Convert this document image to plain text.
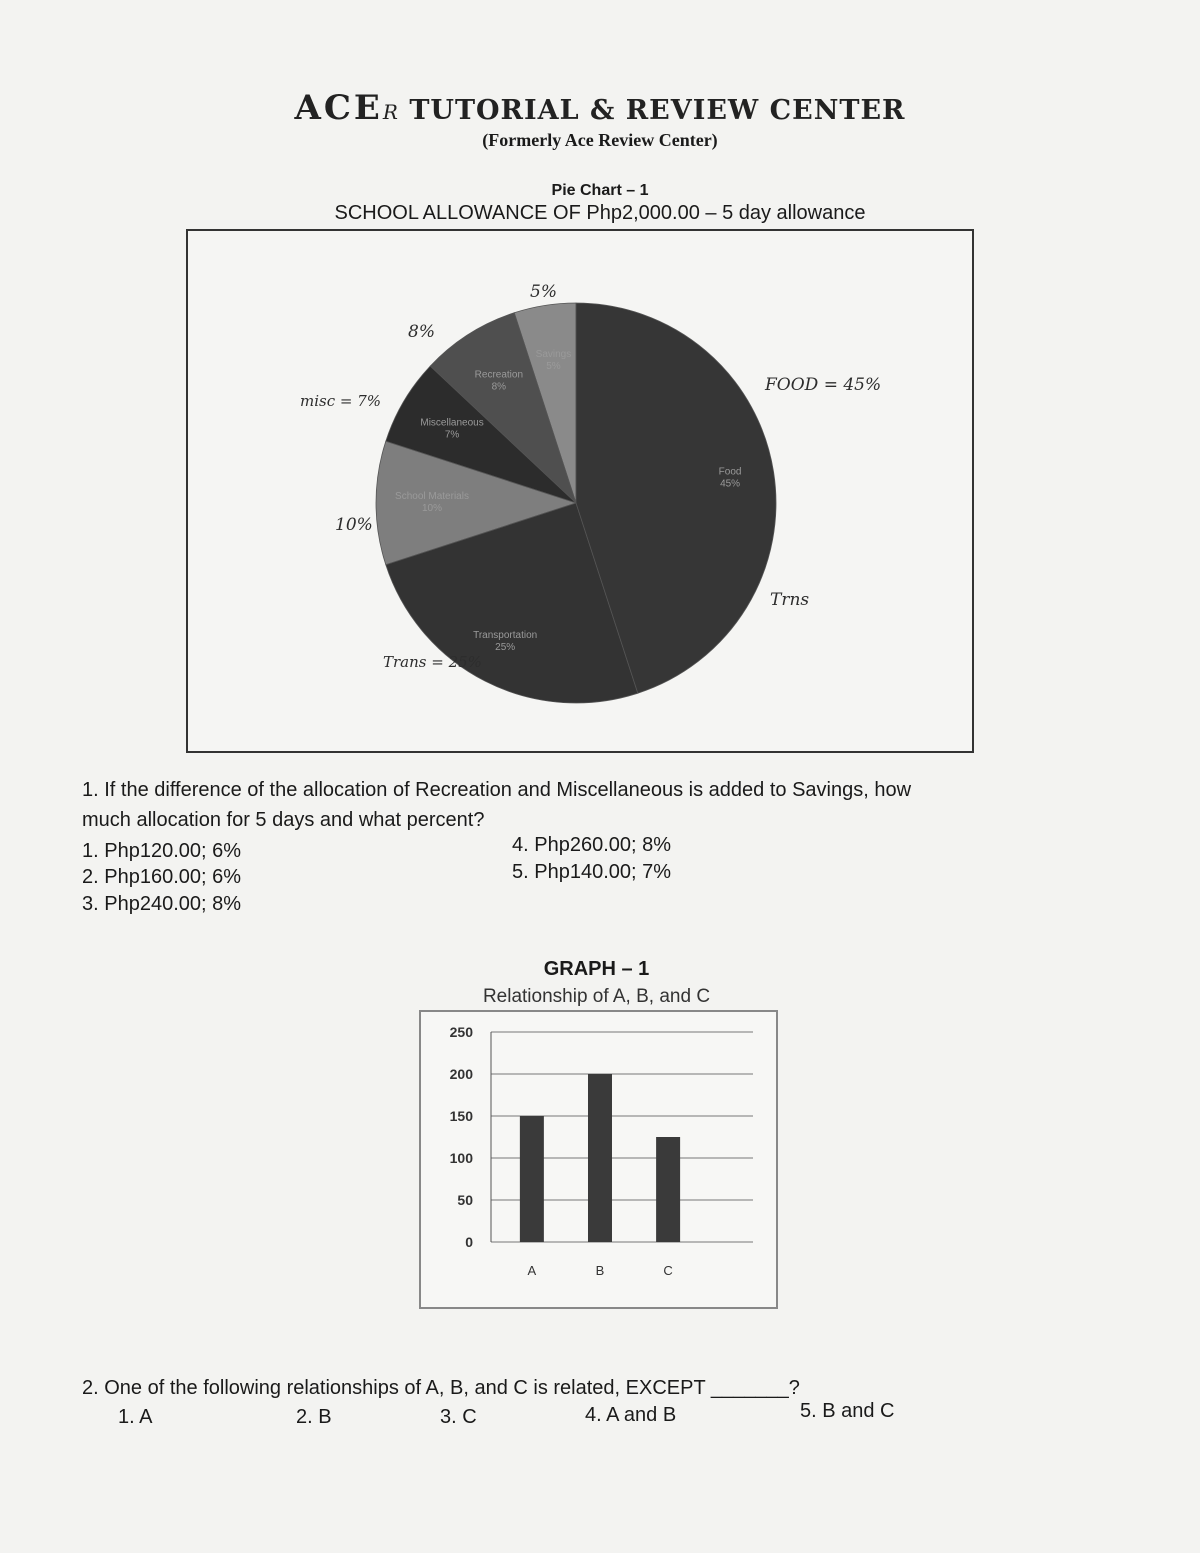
ACER TUTORIAL & REVIEW CENTER
(Formerly Ace Review Center)
Pie Chart – 1
SCHOOL ALLOWANCE OF Php2,000.00 – 5 day allowance
Savings 5%
Recreation 8%
Miscellaneous 7%
School Materials 10%
Transportation 25%
Food 45%
5%
8%
misc = 7%
10%
FOOD = 45%
Trns
Trans = 25%
1. If the difference of the allocation of Recreation and Miscellaneous is added to Savings, how
much allocation for 5 days and what percent?
1. Php120.00; 6%
2. Php160.00; 6%
3. Php240.00; 8%
4. Php260.00; 8%
5. Php140.00; 7%
GRAPH – 1
Relationship of A, B, and C
0
50
100
150
200
250
A	B	C
2. One of the following relationships of A, B, and C is related, EXCEPT _______?
1. A	2. B	3. C	4. A and B	5. B and C
